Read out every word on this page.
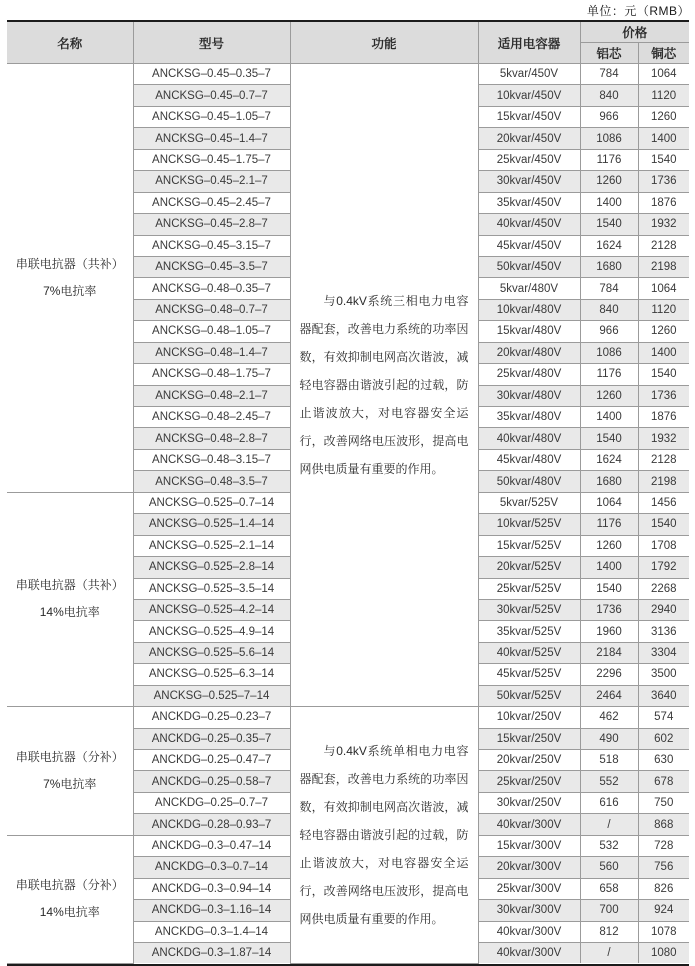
单位：元（RMB）
名称	型号	功能	适用电容器	价格	
				铝芯	铜芯

串联电抗器（共补）
7%电抗率	ANCKSG–0.45–0.35–7	与0.4kV系统三相电力电容器配套，改善电力系统的功率因数，有效抑制电网高次谐波，减轻电容器由谐波引起的过载，防止谐波放大，对电容器安全运行，改善网络电压波形，提高电网供电质量有重要的作用。	5kvar/450V	784	1064
	ANCKSG–0.45–0.7–7		10kvar/450V	840	1120
	ANCKSG–0.45–1.05–7		15kvar/450V	966	1260
	ANCKSG–0.45–1.4–7		20kvar/450V	1086	1400
	ANCKSG–0.45–1.75–7		25kvar/450V	1176	1540
	ANCKSG–0.45–2.1–7		30kvar/450V	1260	1736
	ANCKSG–0.45–2.45–7		35kvar/450V	1400	1876
	ANCKSG–0.45–2.8–7		40kvar/450V	1540	1932
	ANCKSG–0.45–3.15–7		45kvar/450V	1624	2128
	ANCKSG–0.45–3.5–7		50kvar/450V	1680	2198
	ANCKSG–0.48–0.35–7		5kvar/480V	784	1064
	ANCKSG–0.48–0.7–7		10kvar/480V	840	1120
	ANCKSG–0.48–1.05–7		15kvar/480V	966	1260
	ANCKSG–0.48–1.4–7		20kvar/480V	1086	1400
	ANCKSG–0.48–1.75–7		25kvar/480V	1176	1540
	ANCKSG–0.48–2.1–7		30kvar/480V	1260	1736
	ANCKSG–0.48–2.45–7		35kvar/480V	1400	1876
	ANCKSG–0.48–2.8–7		40kvar/480V	1540	1932
	ANCKSG–0.48–3.15–7		45kvar/480V	1624	2128
	ANCKSG–0.48–3.5–7		50kvar/480V	1680	2198

串联电抗器（共补）
14%电抗率	ANCKSG–0.525–0.7–14		5kvar/525V	1064	1456
	ANCKSG–0.525–1.4–14		10kvar/525V	1176	1540
	ANCKSG–0.525–2.1–14		15kvar/525V	1260	1708
	ANCKSG–0.525–2.8–14		20kvar/525V	1400	1792
	ANCKSG–0.525–3.5–14		25kvar/525V	1540	2268
	ANCKSG–0.525–4.2–14		30kvar/525V	1736	2940
	ANCKSG–0.525–4.9–14		35kvar/525V	1960	3136
	ANCKSG–0.525–5.6–14		40kvar/525V	2184	3304
	ANCKSG–0.525–6.3–14		45kvar/525V	2296	3500
	ANCKSG–0.525–7–14		50kvar/525V	2464	3640

串联电抗器（分补）
7%电抗率	ANCKDG–0.25–0.23–7	与0.4kV系统单相电力电容器配套，改善电力系统的功率因数，有效抑制电网高次谐波，减轻电容器由谐波引起的过载，防止谐波放大，对电容器安全运行，改善网络电压波形，提高电网供电质量有重要的作用。	10kvar/250V	462	574
	ANCKDG–0.25–0.35–7		15kvar/250V	490	602
	ANCKDG–0.25–0.47–7		20kvar/250V	518	630
	ANCKDG–0.25–0.58–7		25kvar/250V	552	678
	ANCKDG–0.25–0.7–7		30kvar/250V	616	750
	ANCKDG–0.28–0.93–7		40kvar/300V	/	868

串联电抗器（分补）
14%电抗率	ANCKDG–0.3–0.47–14		15kvar/300V	532	728
	ANCKDG–0.3–0.7–14		20kvar/300V	560	756
	ANCKDG–0.3–0.94–14		25kvar/300V	658	826
	ANCKDG–0.3–1.16–14		30kvar/300V	700	924
	ANCKDG–0.3–1.4–14		40kvar/300V	812	1078
	ANCKDG–0.3–1.87–14		40kvar/300V	/	1080
